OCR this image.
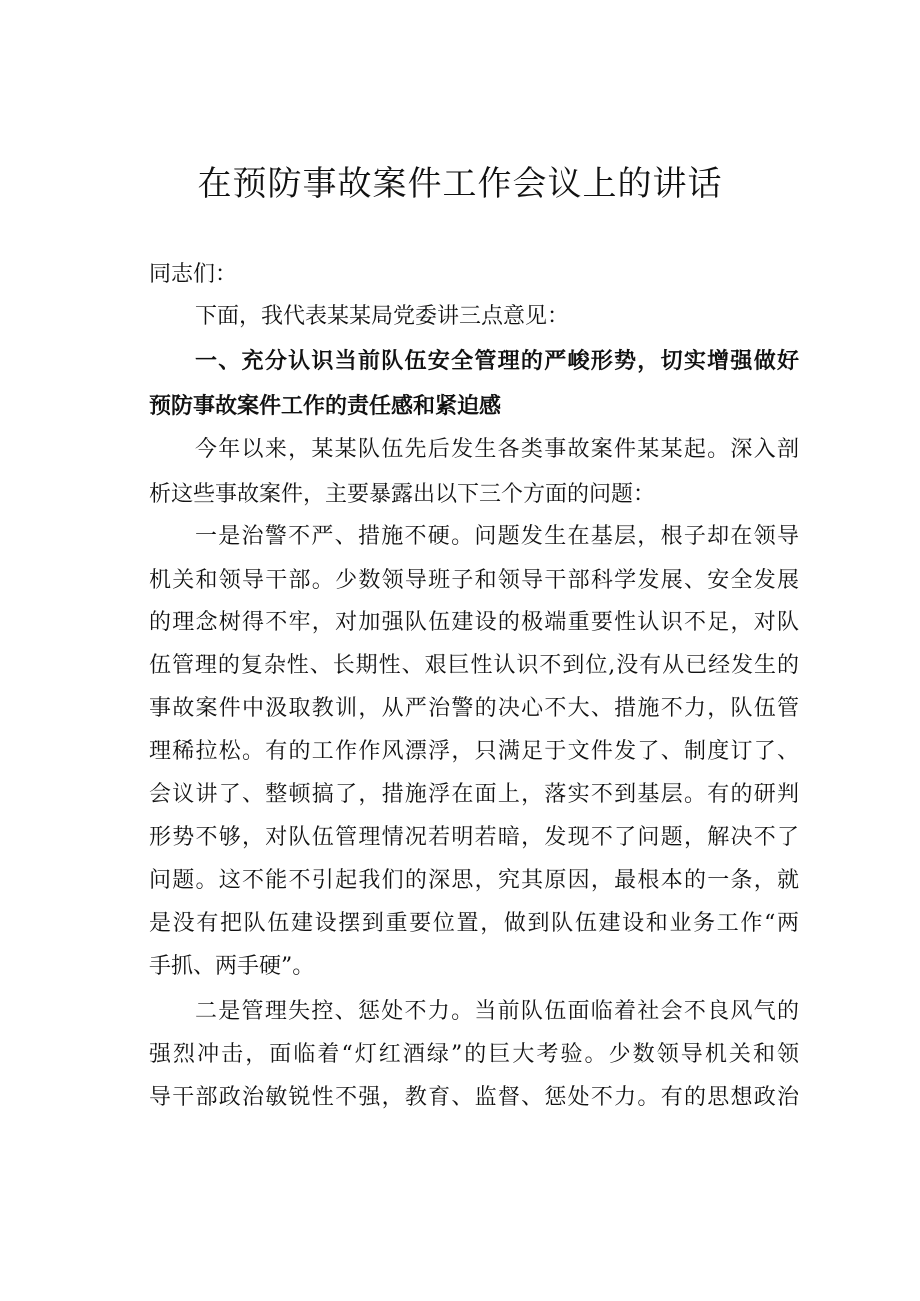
在预防事故案件工作会议上的讲话

同志们：

下面，我代表某某局党委讲三点意见：

一、充分认识当前队伍安全管理的严峻形势，切实增强做好

预防事故案件工作的责任感和紧迫感

今年以来，某某队伍先后发生各类事故案件某某起。深入剖

析这些事故案件，主要暴露出以下三个方面的问题：

一是治警不严、措施不硬。问题发生在基层，根子却在领导

机关和领导干部。少数领导班子和领导干部科学发展、安全发展

的理念树得不牢，对加强队伍建设的极端重要性认识不足，对队

伍管理的复杂性、长期性、艰巨性认识不到位,没有从已经发生的

事故案件中汲取教训，从严治警的决心不大、措施不力，队伍管

理稀拉松。有的工作作风漂浮，只满足于文件发了、制度订了、

会议讲了、整顿搞了，措施浮在面上，落实不到基层。有的研判

形势不够，对队伍管理情况若明若暗，发现不了问题，解决不了

问题。这不能不引起我们的深思，究其原因，最根本的一条，就

是没有把队伍建设摆到重要位置，做到队伍建设和业务工作“两

手抓、两手硬”。

二是管理失控、惩处不力。当前队伍面临着社会不良风气的

强烈冲击，面临着“灯红酒绿”的巨大考验。少数领导机关和领

导干部政治敏锐性不强，教育、监督、惩处不力。有的思想政治
